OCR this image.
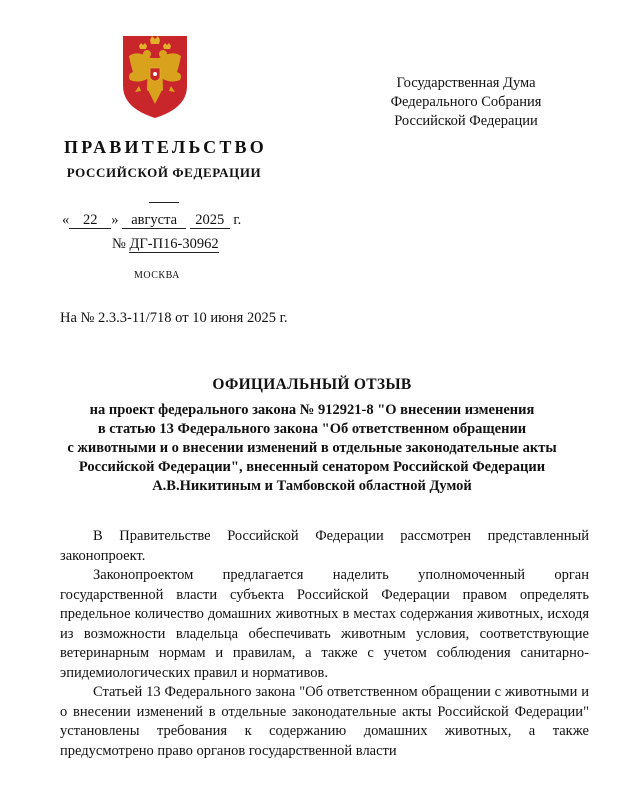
Государственная Дума
Федерального Собрания
Российской Федерации
ПРАВИТЕЛЬСТВО
РОССИЙСКОЙ ФЕДЕРАЦИИ
« 22 » августа 2025 г.
№ ДГ-П16-30962
МОСКВА
На № 2.3.3-11/718 от 10 июня 2025 г.
ОФИЦИАЛЬНЫЙ ОТЗЫВ
на проект федерального закона № 912921-8 "О внесении изменения
в статью 13 Федерального закона "Об ответственном обращении
с животными и о внесении изменений в отдельные законодательные акты
Российской Федерации", внесенный сенатором Российской Федерации
А.В.Никитиным и Тамбовской областной Думой

В Правительстве Российской Федерации рассмотрен представленный законопроект.

Законопроектом предлагается наделить уполномоченный орган государственной власти субъекта Российской Федерации правом определять предельное количество домашних животных в местах содержания животных, исходя из возможности владельца обеспечивать животным условия, соответствующие ветеринарным нормам и правилам, а также с учетом соблюдения санитарно-эпидемиологических правил и нормативов.

Статьей 13 Федерального закона "Об ответственном обращении с животными и о внесении изменений в отдельные законодательные акты Российской Федерации" установлены требования к содержанию домашних животных, а также предусмотрено право органов государственной власти
